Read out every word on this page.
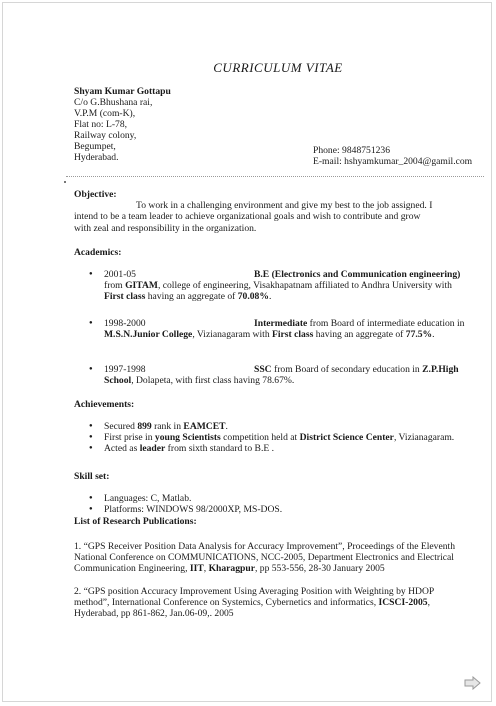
CURRICULUM VITAE
Shyam Kumar Gottapu
C/o G.Bhushana rai,
V.P.M (com-K),
Flat no: L-78,
Railway colony,
Begumpet,
Hyderabad.
Phone: 9848751236
E-mail: hshyamkumar_2004@gamil.com
Objective:
To work in a challenging environment and give my best to the job assigned. I
intend to be a team leader to achieve organizational goals and wish to contribute and grow
with zeal and responsibility in the organization.
Academics:
● 2001-05	B.E (Electronics and Communication engineering)
from GITAM, college of engineering, Visakhapatnam affiliated to Andhra University with
First class having an aggregate of 70.08%.
● 1998-2000	Intermediate from Board of intermediate education in
M.S.N.Junior College, Vizianagaram with First class having an aggregate of 77.5%.
● 1997-1998	SSC from Board of secondary education in Z.P.High
School, Dolapeta, with first class having 78.67%.
Achievements:
● Secured 899 rank in EAMCET.
● First prise in young Scientists competition held at District Science Center, Vizianagaram.
● Acted as leader from sixth standard to B.E .
Skill set:
● Languages: C, Matlab.
● Platforms: WINDOWS 98/2000XP, MS-DOS.
List of Research Publications:
1. “GPS Receiver Position Data Analysis for Accuracy Improvement”, Proceedings of the Eleventh
National Conference on COMMUNICATIONS, NCC-2005, Department Electronics and Electrical
Communication Engineering, IIT, Kharagpur, pp 553-556, 28-30 January 2005
2. “GPS position Accuracy Improvement Using Averaging Position with Weighting by HDOP
method”, International Conference on Systemics, Cybernetics and informatics, ICSCI-2005,
Hyderabad, pp 861-862, Jan.06-09,. 2005
